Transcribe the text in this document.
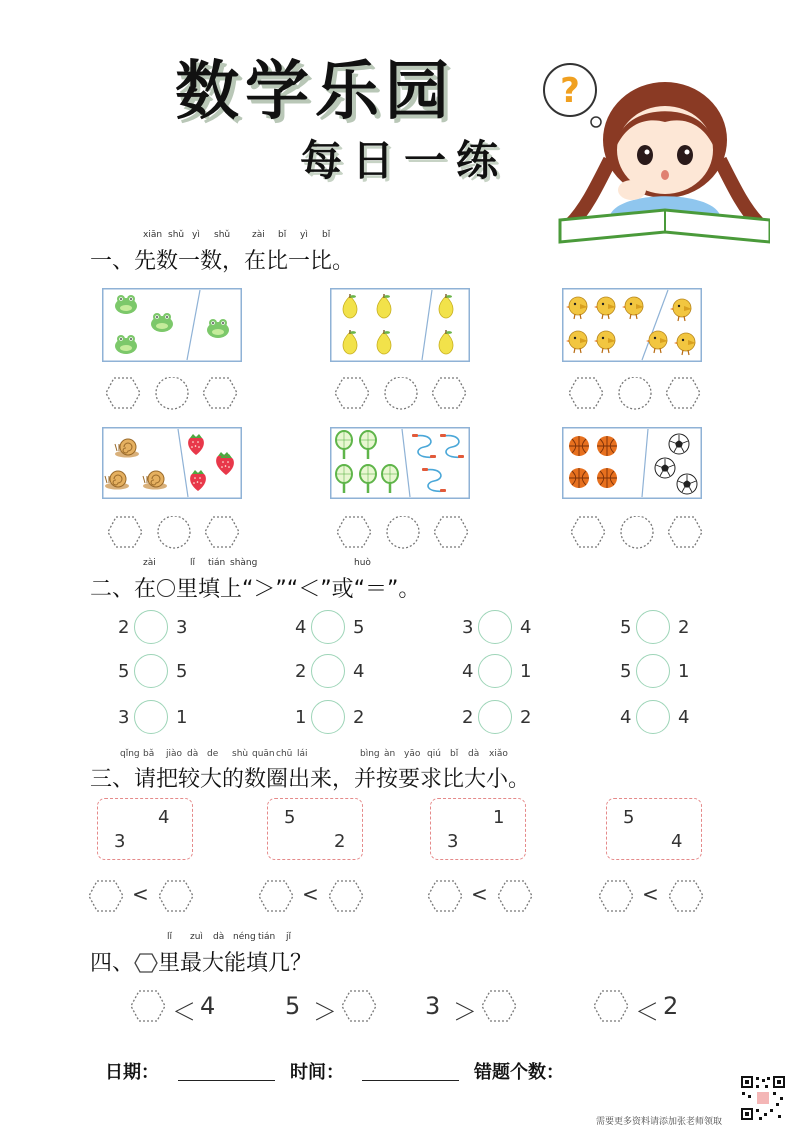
数学乐园
每日一练
?
一、先数一数，在比一比。
xiān shǔ yì shǔ zài bǐ yì bǐ
二、在 里填上“＞”“＜”或“＝”。
zài	lǐ tián shàng	huò
2	3	4	5	3	4	5	2
5	5	2	4	4	1	5	1
3	1	1	2	2	2	4	4
三、请把较大的数圈出来，并按要求比大小。
qǐng bǎ jiào dà de shù quān chū lái	bìng àn yāo qiú bǐ dà xiǎo
4
3
5
2
1
3
5
4
<	<	<	<
四、 里最大能填几？
lǐ zuì dà néng tián jǐ
＜ 4	5 ＞	3 ＞	＜ 2
日期：	时间：	错题个数：
需要更多资料请添加张老师领取
